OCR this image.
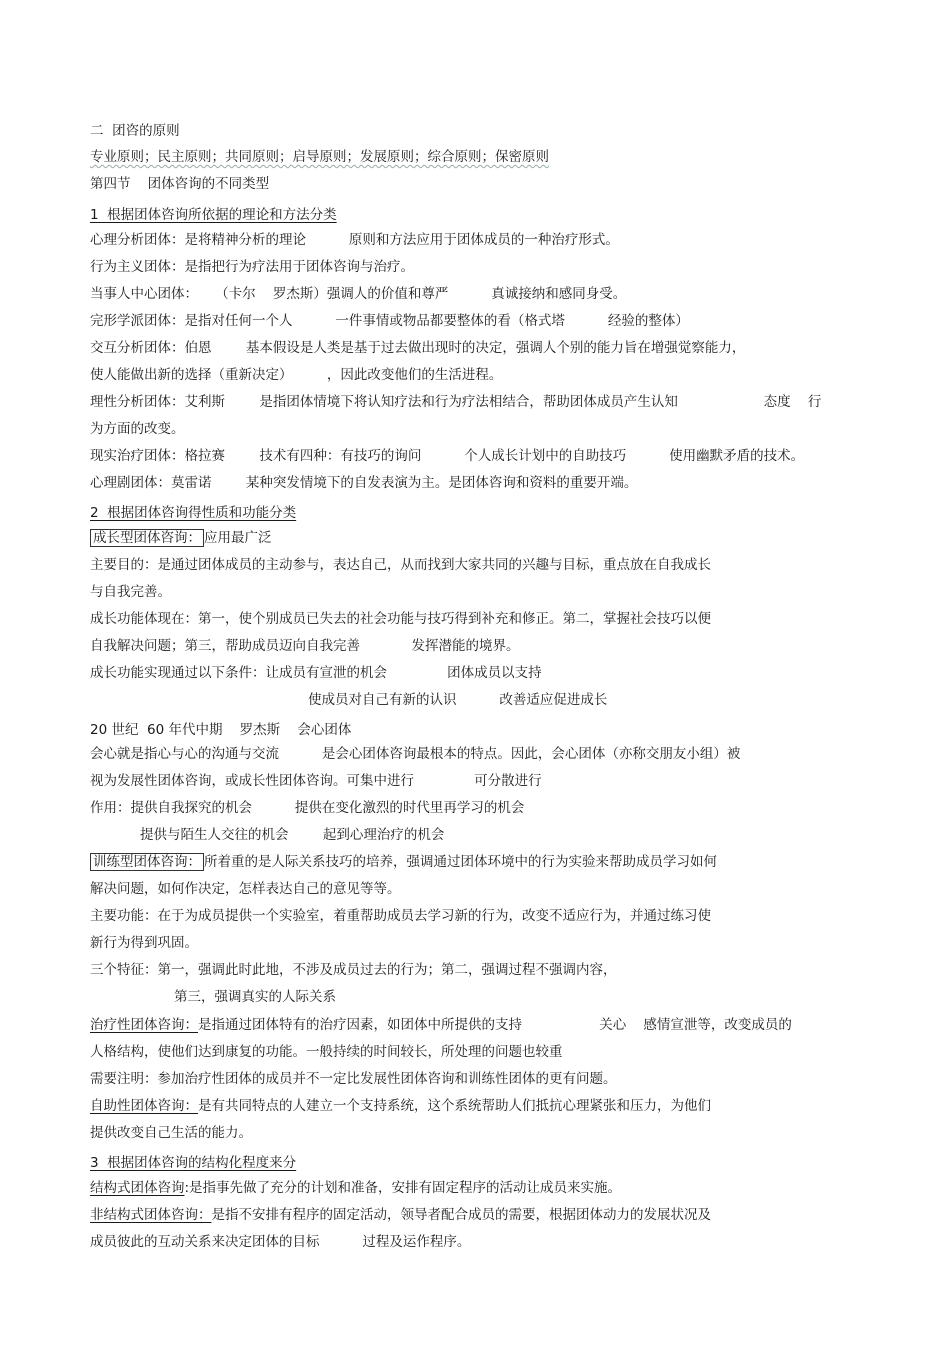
二  团咨的原则

专业原则；民主原则；共同原则；启导原则；发展原则；综合原则；保密原则

第四节    团体咨询的不同类型

1  根据团体咨询所依据的理论和方法分类

心理分析团体：是将精神分析的理论          原则和方法应用于团体成员的一种治疗形式。

行为主义团体：是指把行为疗法用于团体咨询与治疗。

当事人中心团体：    （卡尔    罗杰斯）强调人的价值和尊严          真诚接纳和感同身受。

完形学派团体：是指对任何一个人          一件事情或物品都要整体的看（格式塔          经验的整体）

交互分析团体：伯恩        基本假设是人类是基于过去做出现时的决定，强调人个别的能力旨在增强觉察能力，

使人能做出新的选择（重新决定）        ，因此改变他们的生活进程。

理性分析团体：艾利斯        是指团体情境下将认知疗法和行为疗法相结合，帮助团体成员产生认知                    态度    行

为方面的改变。

现实治疗团体：格拉赛        技术有四种：有技巧的询问          个人成长计划中的自助技巧          使用幽默矛盾的技术。

心理剧团体：莫雷诺        某种突发情境下的自发表演为主。是团体咨询和资料的重要开端。

2  根据团体咨询得性质和功能分类

成长型团体咨询： 应用最广泛

主要目的：是通过团体成员的主动参与，表达自己，从而找到大家共同的兴趣与目标，重点放在自我成长

与自我完善。

成长功能体现在：第一，使个别成员已失去的社会功能与技巧得到补充和修正。第二，掌握社会技巧以便

自我解决问题；第三，帮助成员迈向自我完善            发挥潜能的境界。

成长功能实现通过以下条件：让成员有宣泄的机会              团体成员以支持

使成员对自己有新的认识          改善适应促进成长

20 世纪  60 年代中期    罗杰斯    会心团体

会心就是指心与心的沟通与交流          是会心团体咨询最根本的特点。因此，会心团体（亦称交朋友小组）被

视为发展性团体咨询，或成长性团体咨询。可集中进行              可分散进行

作用：提供自我探究的机会          提供在变化激烈的时代里再学习的机会

提供与陌生人交往的机会        起到心理治疗的机会

训练型团体咨询： 所着重的是人际关系技巧的培养，强调通过团体环境中的行为实验来帮助成员学习如何

解决问题，如何作决定，怎样表达自己的意见等等。

主要功能：在于为成员提供一个实验室，着重帮助成员去学习新的行为，改变不适应行为，并通过练习使

新行为得到巩固。

三个特征：第一，强调此时此地，不涉及成员过去的行为；第二，强调过程不强调内容，

第三，强调真实的人际关系

治疗性团体咨询：是指通过团体特有的治疗因素，如团体中所提供的支持                  关心    感情宣泄等，改变成员的

人格结构，使他们达到康复的功能。一般持续的时间较长，所处理的问题也较重

需要注明：参加治疗性团体的成员并不一定比发展性团体咨询和训练性团体的更有问题。

自助性团体咨询：是有共同特点的人建立一个支持系统，这个系统帮助人们抵抗心理紧张和压力，为他们

提供改变自己生活的能力。

3  根据团体咨询的结构化程度来分

结构式团体咨询:是指事先做了充分的计划和准备，安排有固定程序的活动让成员来实施。

非结构式团体咨询：是指不安排有程序的固定活动，领导者配合成员的需要，根据团体动力的发展状况及

成员彼此的互动关系来决定团体的目标          过程及运作程序。
